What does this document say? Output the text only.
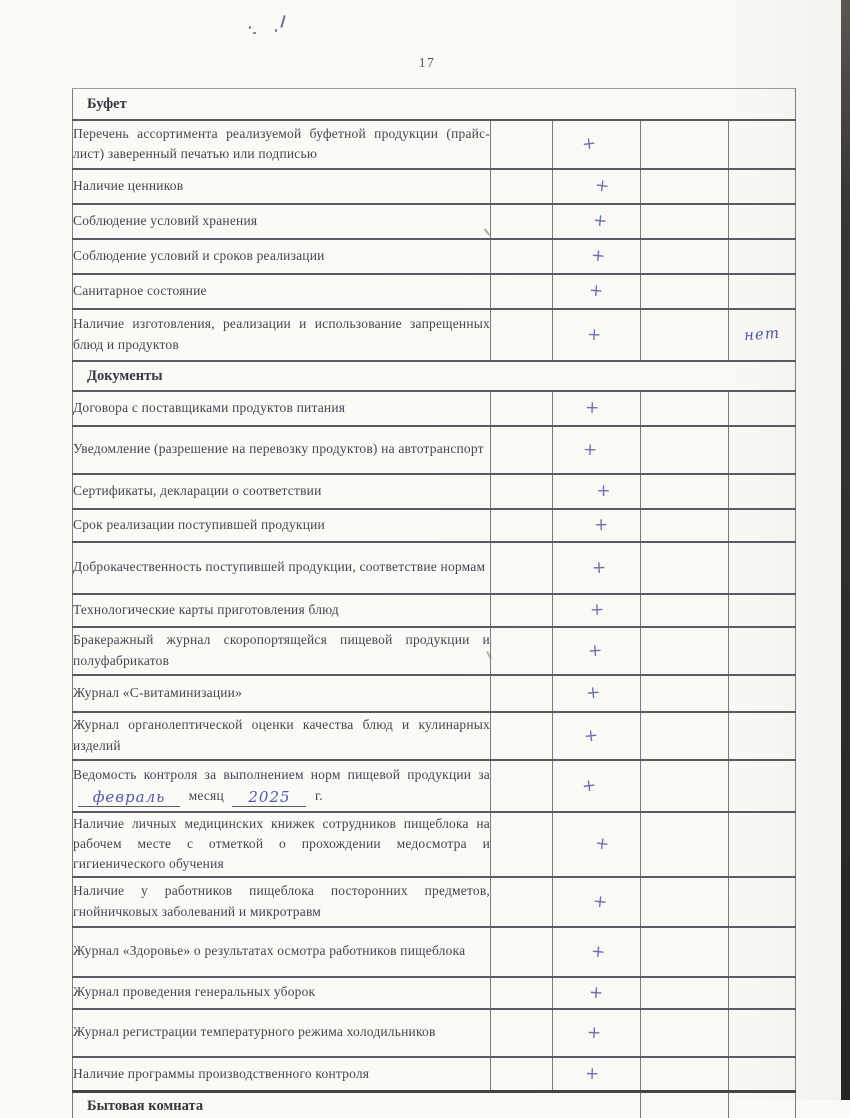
17
Буфет				
Перечень ассортимента реализуемой буфетной продукции (прайс-лист) заверенный печатью или подписью		+		
Наличие ценников		+		
Соблюдение условий хранения		+		
Соблюдение условий и сроков реализации		+		
Санитарное состояние		+		
Наличие изготовления, реализации и использование запрещенных блюд и продуктов		+		нет
Документы				
Договора с поставщиками продуктов питания		+		
Уведомление (разрешение на перевозку продуктов) на автотранспорт		+		
Сертификаты, декларации о соответствии		+		
Срок реализации поступившей продукции		+		
Доброкачественность поступившей продукции, соответствие нормам		+		
Технологические карты приготовления блюд		+		
Бракеражный журнал скоропортящейся пищевой продукции и полуфабрикатов		+		
Журнал «С-витаминизации»		+		
Журнал органолептической оценки качества блюд и кулинарных изделий		+		
Ведомость контроля за выполнением норм пищевой продукции за февраль месяц 2025 г.		+		
Наличие личных медицинских книжек сотрудников пищеблока на рабочем месте с отметкой о прохождении медосмотра и гигиенического обучения		+		
Наличие у работников пищеблока посторонних предметов, гнойничковых заболеваний и микротравм		+		
Журнал «Здоровье» о результатах осмотра работников пищеблока		+		
Журнал проведения генеральных уборок		+		
Журнал регистрации температурного режима холодильников		+		
Наличие программы производственного контроля		+		
Бытовая комната				
